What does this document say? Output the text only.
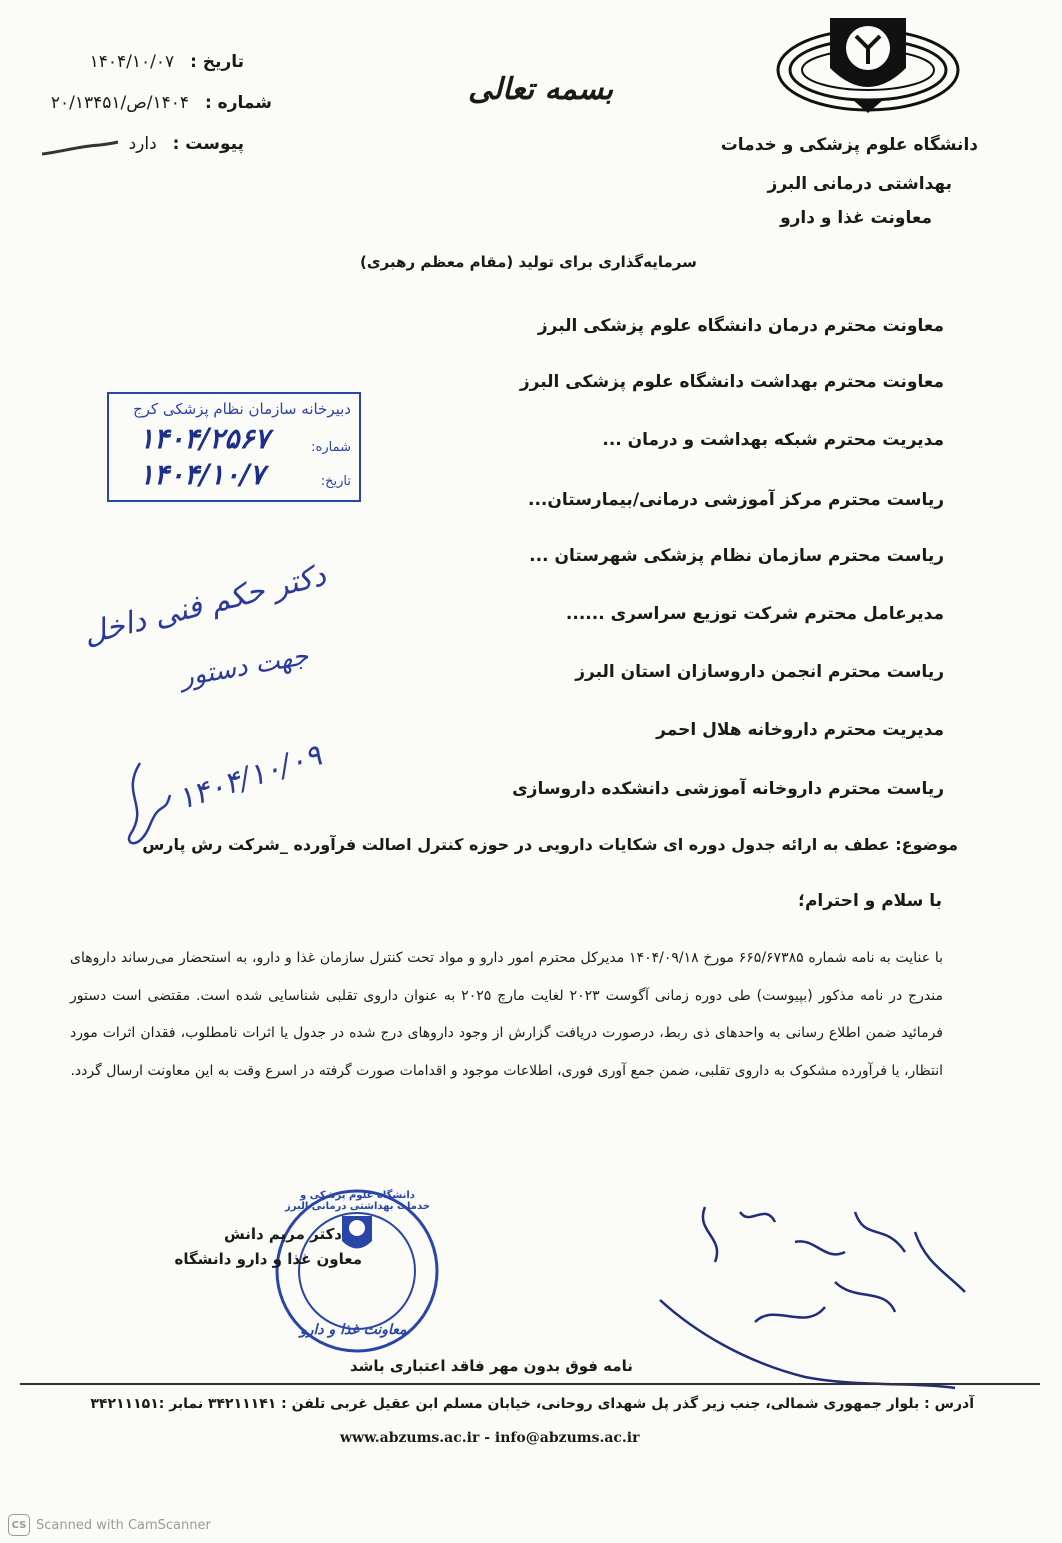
تاریخ : ۱۴۰۴/۱۰/۰۷
شماره : ۱۴۰۴/ص/۲۰/۱۳۴۵۱
پیوست : دارد
بسمه تعالی
دانشگاه علوم پزشکی و خدمات
بهداشتی درمانی البرز
معاونت غذا و دارو
سرمایه‌گذاری برای تولید (مقام معظم رهبری)
معاونت محترم درمان دانشگاه علوم پزشکی البرز
معاونت محترم بهداشت دانشگاه علوم پزشکی البرز
مدیریت محترم شبکه بهداشت و درمان ...
ریاست محترم مرکز آموزشی درمانی/بیمارستان...
ریاست محترم سازمان نظام پزشکی شهرستان ...
مدیرعامل محترم شرکت توزیع سراسری ......
ریاست محترم انجمن داروسازان استان البرز
مدیریت محترم داروخانه هلال احمر
ریاست محترم داروخانه آموزشی دانشکده داروسازی
دبیرخانه سازمان نظام پزشکی کرج
شماره:
۱۴۰۴/۲۵۶۷
تاریخ:
۱۴۰۴/۱۰/۷
دکتر حکم فنی داخل
جهت دستور
۱۴۰۴/۱۰/۰۹
موضوع: عطف به ارائه جدول دوره ای شکایات دارویی در حوزه کنترل اصالت فرآورده _شرکت رش پارس
با سلام و احترام؛
با عنایت به نامه شماره ۶۶۵/۶۷۳۸۵ مورخ ۱۴۰۴/۰۹/۱۸ مدیرکل محترم امور دارو و مواد تحت کنترل سازمان غذا و دارو، به استحضار می‌رساند داروهای مندرج در نامه مذکور (بپیوست) طی دوره زمانی آگوست ۲۰۲۳ لغایت مارچ ۲۰۲۵ به عنوان داروی تقلبی شناسایی شده است. مقتضی است دستور فرمائید ضمن اطلاع رسانی به واحدهای ذی ربط، درصورت دریافت گزارش از وجود داروهای درج شده در جدول یا اثرات نامطلوب، فقدان اثرات مورد انتظار، یا فرآورده مشکوک به داروی تقلبی، ضمن جمع آوری فوری، اطلاعات موجود و اقدامات صورت گرفته در اسرع وقت به این معاونت ارسال گردد.
دانشگاه علوم پزشکی و خدمات بهداشتی درمانی البرز
معاونت غذا و دارو
دکتر مریم دانش
معاون غذا و دارو دانشگاه
نامه فوق بدون مهر فاقد اعتباری باشد
آدرس : بلوار جمهوری شمالی، جنب زیر گذر پل شهدای روحانی، خیابان مسلم ابن عقیل غربی تلفن : ۳۴۲۱۱۱۴۱ نمابر :۳۴۲۱۱۱۵۱
www.abzums.ac.ir - info@abzums.ac.ir
CS Scanned with CamScanner
